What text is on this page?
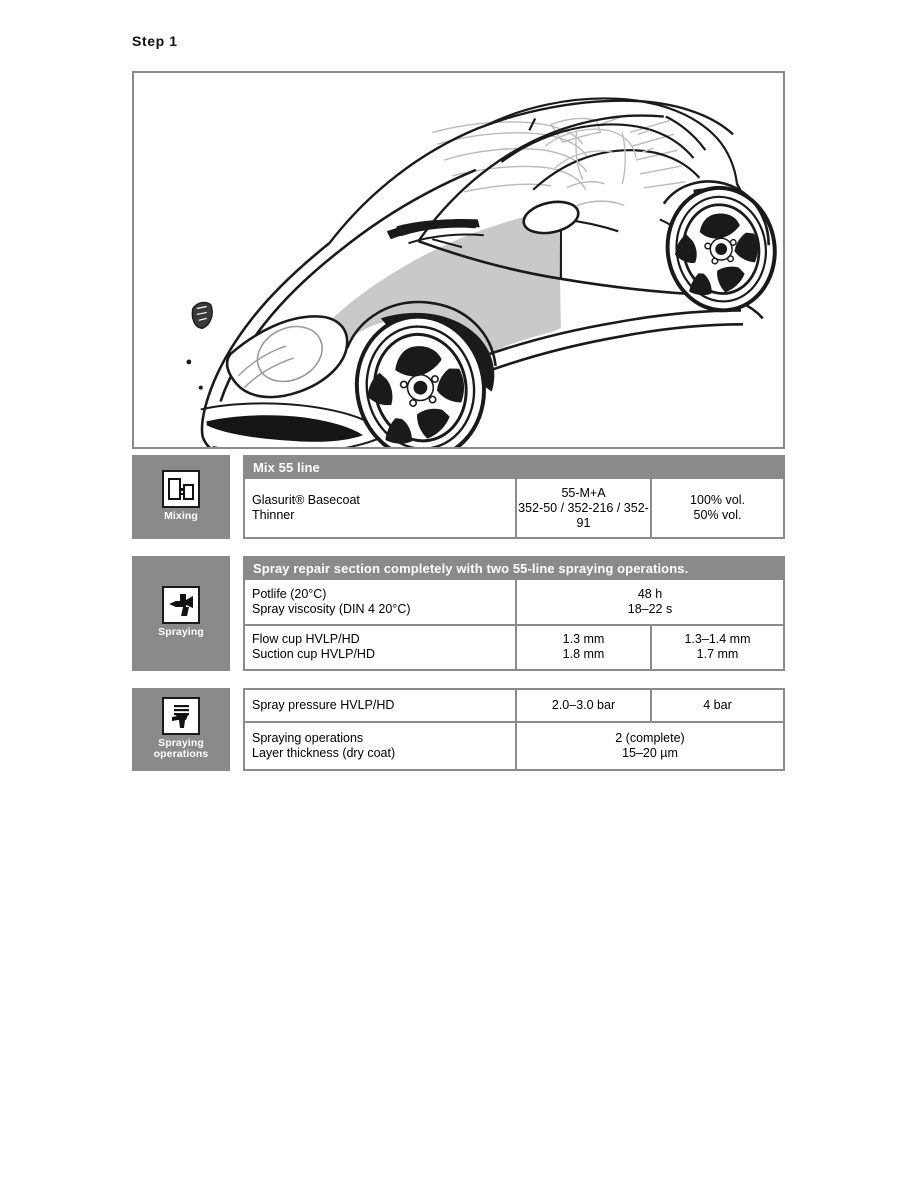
Step 1
Mixing
Mix 55 line
Glasurit® Basecoat
Thinner
55-M+A
352-50 / 352-216 / 352-91
100% vol.
50% vol.
Spraying
Spray repair section completely with two 55-line spraying operations.
Potlife (20°C)
Spray viscosity (DIN 4 20°C)
48 h
18–22 s
Flow cup HVLP/HD
Suction cup HVLP/HD
1.3 mm
1.8 mm
1.3–1.4 mm
1.7 mm
Spraying
operations
Spray pressure HVLP/HD	2.0–3.0 bar	4 bar
Spraying operations
Layer thickness (dry coat)
2 (complete)
15–20 µm
